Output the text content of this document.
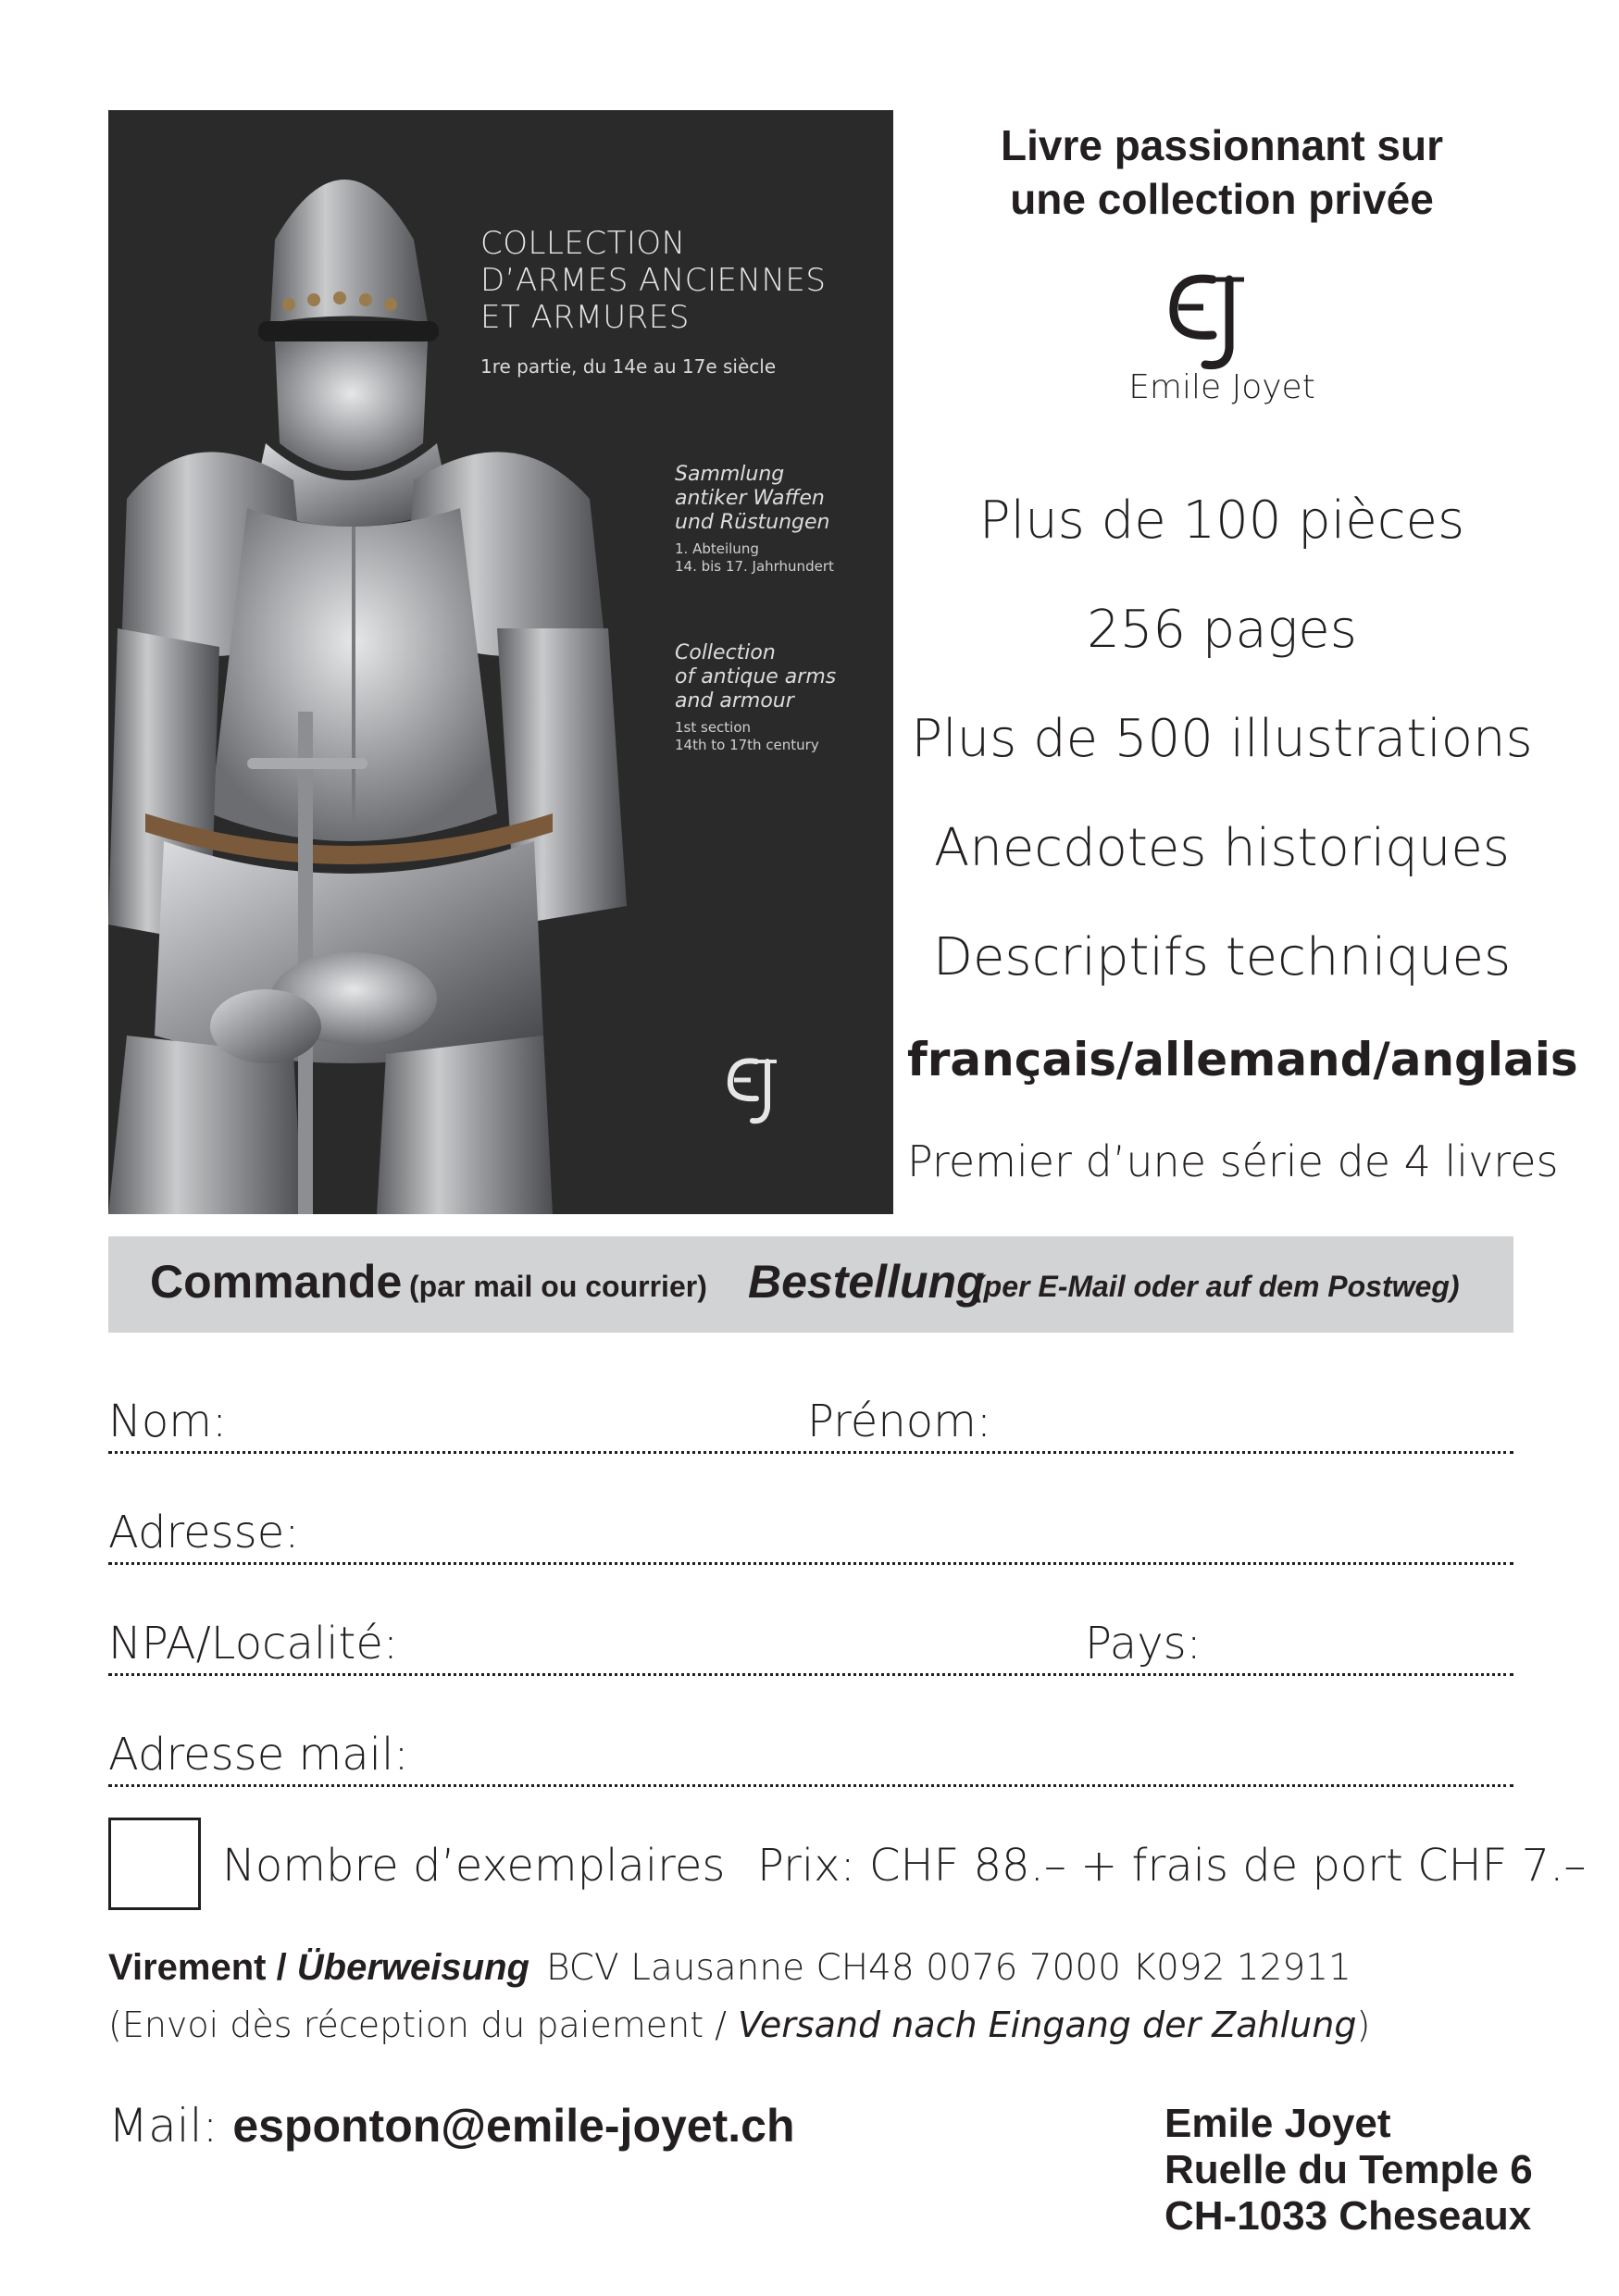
COLLECTION
D’ARMES ANCIENNES
ET ARMURES
1re partie, du 14e au 17e siècle
Sammlung
antiker Waffen
und Rüstungen
1. Abteilung
14. bis 17. Jahrhundert
Collection
of antique arms
and armour
1st section
14th to 17th century
Livre passionnant sur
une collection privée
Emile Joyet
Plus de 100 pièces
256 pages
Plus de 500 illustrations
Anecdotes historiques
Descriptifs techniques
français/allemand/anglais
Premier d’une série de 4 livres
Commande (par mail ou courrier) Bestellung
(per E-Mail oder auf dem Postweg)
Nom:	Prénom:
Adresse:
NPA/Localité:	Pays:
Adresse mail:
Nombre d’exemplaires Prix: CHF 88.– + frais de port CHF 7.–
Virement / Überweisung BCV Lausanne CH48 0076 7000 K092 12911
(Envoi dès réception du paiement / Versand nach Eingang der Zahlung)
Mail: esponton@emile-joyet.ch	Emile Joyet
Ruelle du Temple 6
CH-1033 Cheseaux
